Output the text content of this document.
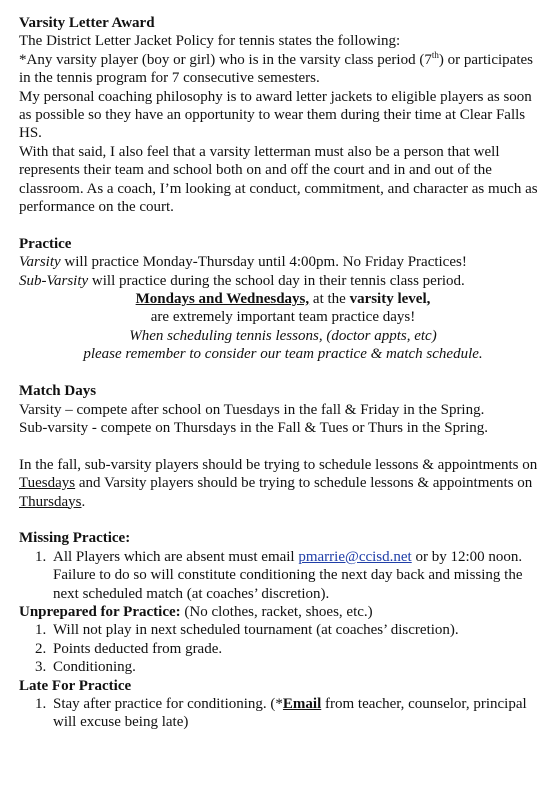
Varsity Letter Award

The District Letter Jacket Policy for tennis states the following:

*Any varsity player (boy or girl) who is in the varsity class period (7th) or participates in the tennis program for 7 consecutive semesters.

My personal coaching philosophy is to award letter jackets to eligible players as soon as possible so they have an opportunity to wear them during their time at Clear Falls HS.

With that said, I also feel that a varsity letterman must also be a person that well represents their team and school both on and off the court and in and out of the classroom. As a coach, I’m looking at conduct, commitment, and character as much as performance on the court.

Practice

Varsity will practice Monday-Thursday until 4:00pm. No Friday Practices!

Sub-Varsity will practice during the school day in their tennis class period.

Mondays and Wednesdays, at the varsity level,

are extremely important team practice days!

When scheduling tennis lessons, (doctor appts, etc)

please remember to consider our team practice & match schedule.

Match Days

Varsity – compete after school on Tuesdays in the fall & Friday in the Spring.

Sub-varsity - compete on Thursdays in the Fall & Tues or Thurs in the Spring.

In the fall, sub-varsity players should be trying to schedule lessons & appointments on Tuesdays and Varsity players should be trying to schedule lessons & appointments on Thursdays.

Missing Practice:

1. All Players which are absent must email pmarrie@ccisd.net or by 12:00 noon. Failure to do so will constitute conditioning the next day back and missing the next scheduled match (at coaches’ discretion).

Unprepared for Practice: (No clothes, racket, shoes, etc.)

1. Will not play in next scheduled tournament (at coaches’ discretion).
2. Points deducted from grade.
3. Conditioning.

Late For Practice

1. Stay after practice for conditioning. (*Email from teacher, counselor, principal will excuse being late)
